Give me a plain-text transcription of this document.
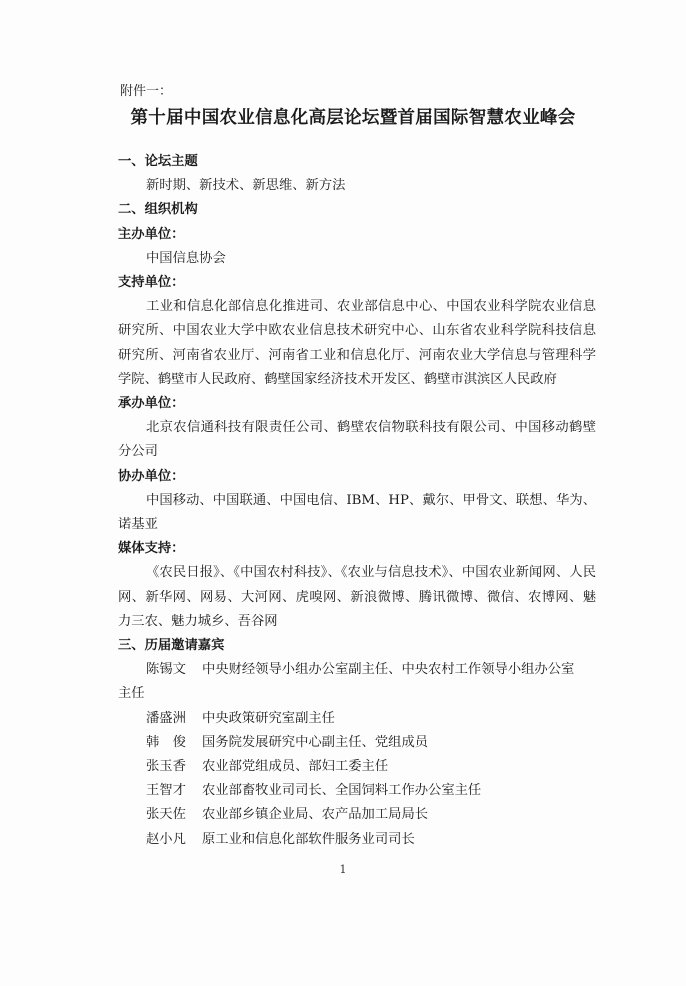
附件一：
第十届中国农业信息化高层论坛暨首届国际智慧农业峰会
一、论坛主题
新时期、新技术、新思维、新方法
二、组织机构
主办单位：
中国信息协会
支持单位：
工业和信息化部信息化推进司、农业部信息中心、中国农业科学院农业信息研究所、中国农业大学中欧农业信息技术研究中心、山东省农业科学院科技信息研究所、河南省农业厅、河南省工业和信息化厅、河南农业大学信息与管理科学学院、鹤壁市人民政府、鹤壁国家经济技术开发区、鹤壁市淇滨区人民政府
承办单位：
北京农信通科技有限责任公司、鹤壁农信物联科技有限公司、中国移动鹤壁分公司
协办单位：
中国移动、中国联通、中国电信、IBM、HP、戴尔、甲骨文、联想、华为、诺基亚
媒体支持：
《农民日报》、《中国农村科技》、《农业与信息技术》、中国农业新闻网、人民网、新华网、网易、大河网、虎嗅网、新浪微博、腾讯微博、微信、农博网、魅力三农、魅力城乡、吾谷网
三、历届邀请嘉宾
陈锡文	中央财经领导小组办公室副主任、中央农村工作领导小组办公室
主任
潘盛洲	中央政策研究室副主任
韩　俊	国务院发展研究中心副主任、党组成员
张玉香	农业部党组成员、部妇工委主任
王智才	农业部畜牧业司司长、全国饲料工作办公室主任
张天佐	农业部乡镇企业局、农产品加工局局长
赵小凡	原工业和信息化部软件服务业司司长
1
